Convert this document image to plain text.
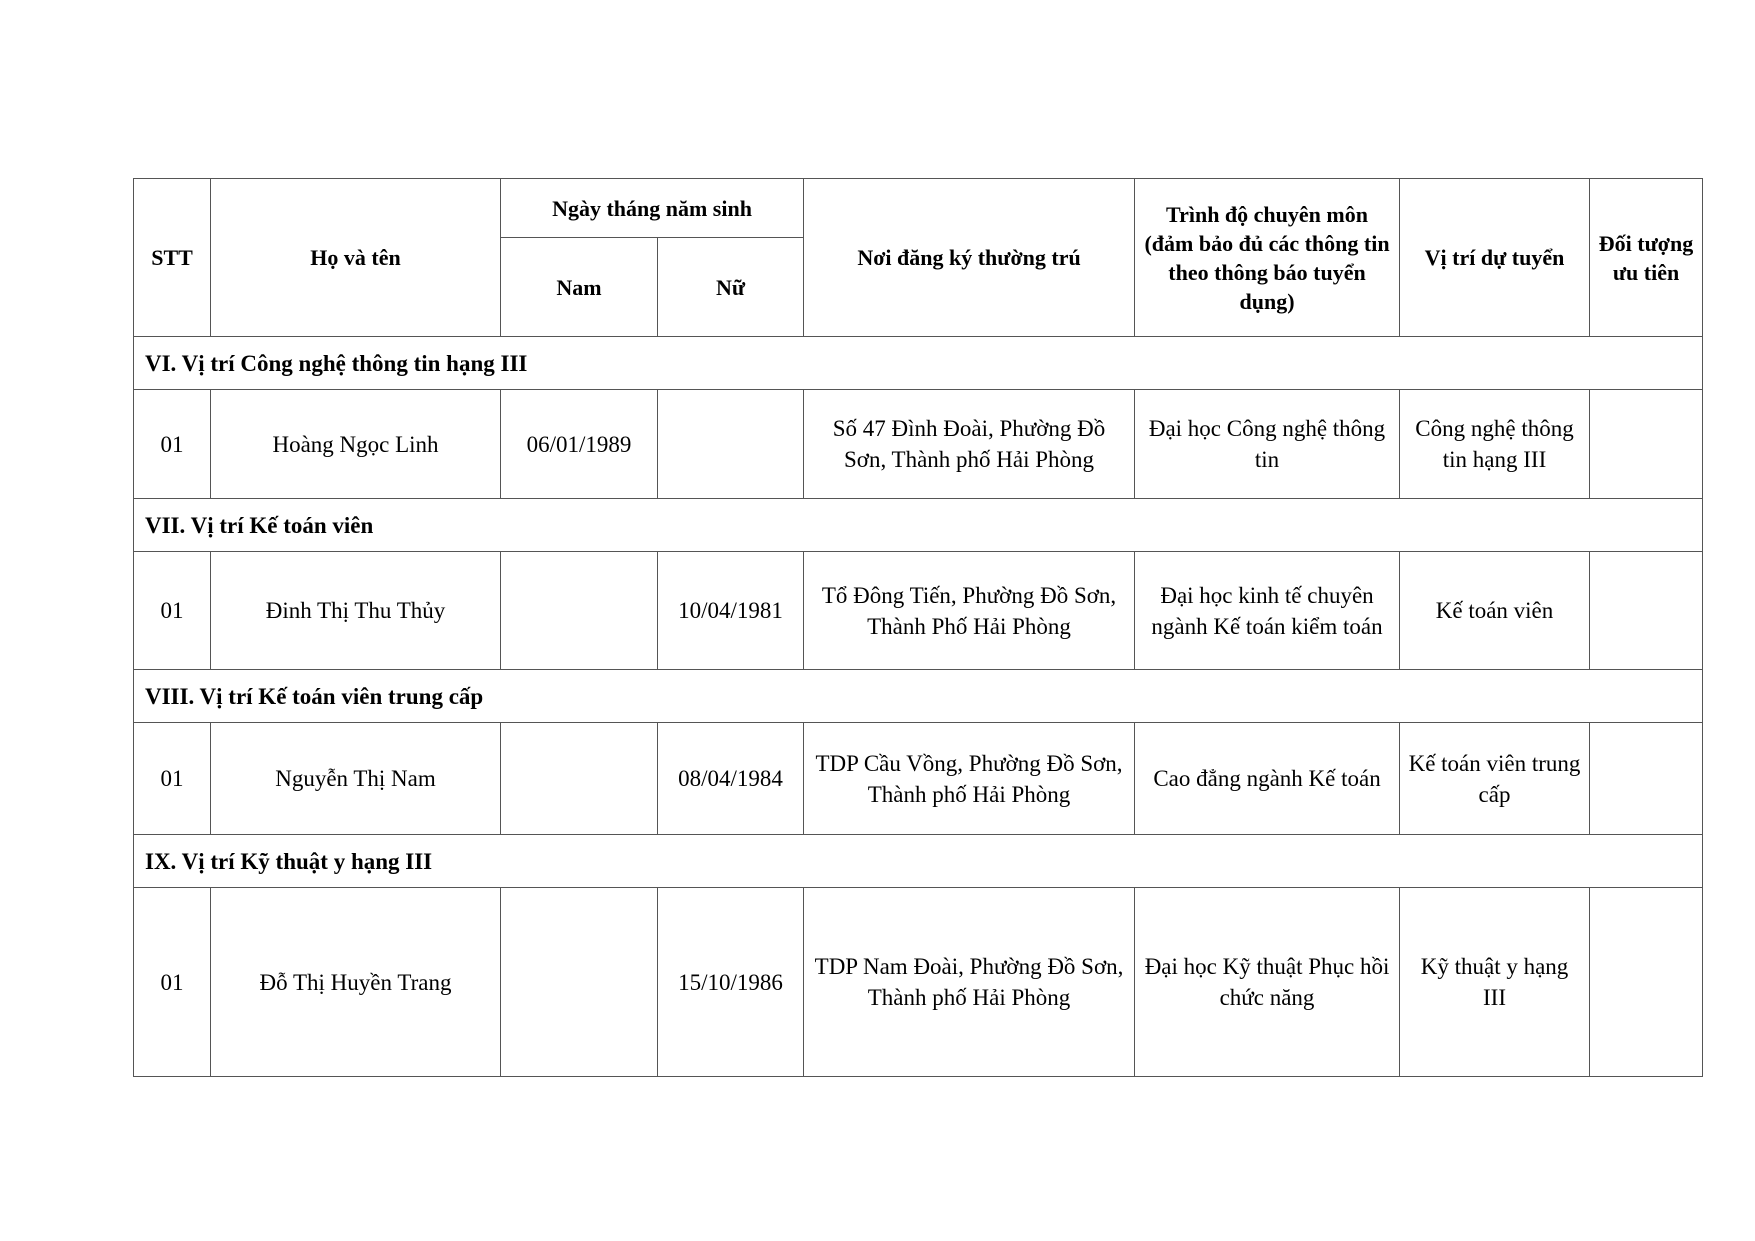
STT	Họ và tên	Ngày tháng năm sinh		Nơi đăng ký thường trú	Trình độ chuyên môn (đảm bảo đủ các thông tin theo thông báo tuyển dụng)	Vị trí dự tuyển	Đối tượng ưu tiên
		Nam	Nữ				
VI. Vị trí Công nghệ thông tin hạng III							
01	Hoàng Ngọc Linh	06/01/1989		Số 47 Đình Đoài, Phường Đồ Sơn, Thành phố Hải Phòng	Đại học Công nghệ thông tin	Công nghệ thông tin hạng III	
VII. Vị trí Kế toán viên							
01	Đinh Thị Thu Thủy		10/04/1981	Tổ Đông Tiến, Phường Đồ Sơn, Thành Phố Hải Phòng	Đại học kinh tế chuyên ngành Kế toán kiểm toán	Kế toán viên	
VIII. Vị trí Kế toán viên trung cấp							
01	Nguyễn Thị Nam		08/04/1984	TDP Cầu Vồng, Phường Đồ Sơn, Thành phố Hải Phòng	Cao đẳng ngành Kế toán	Kế toán viên trung cấp	
IX. Vị trí Kỹ thuật y hạng III							
01	Đỗ Thị Huyền Trang		15/10/1986	TDP Nam Đoài, Phường Đồ Sơn, Thành phố Hải Phòng	Đại học Kỹ thuật Phục hồi chức năng	Kỹ thuật y hạng III	
